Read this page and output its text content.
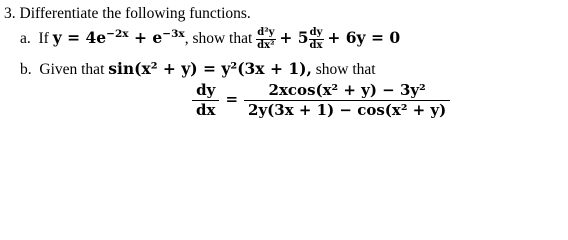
3. Differentiate the following functions.
a. If $y = 4e^{-2x} + e^{-3x}$, show that $\frac{\text{d²y}}{\text{dx²}} + 5 \frac{dy}{dx} + 6y = 0$
b. Given that sin(x² + y) = y²(3x + 1), show that
$\frac{dy}{dx} = \frac{\text{2xcos(x² + y) − 3y²}}{\text{2y(3x + 1) − cos(x² + y)}}$
